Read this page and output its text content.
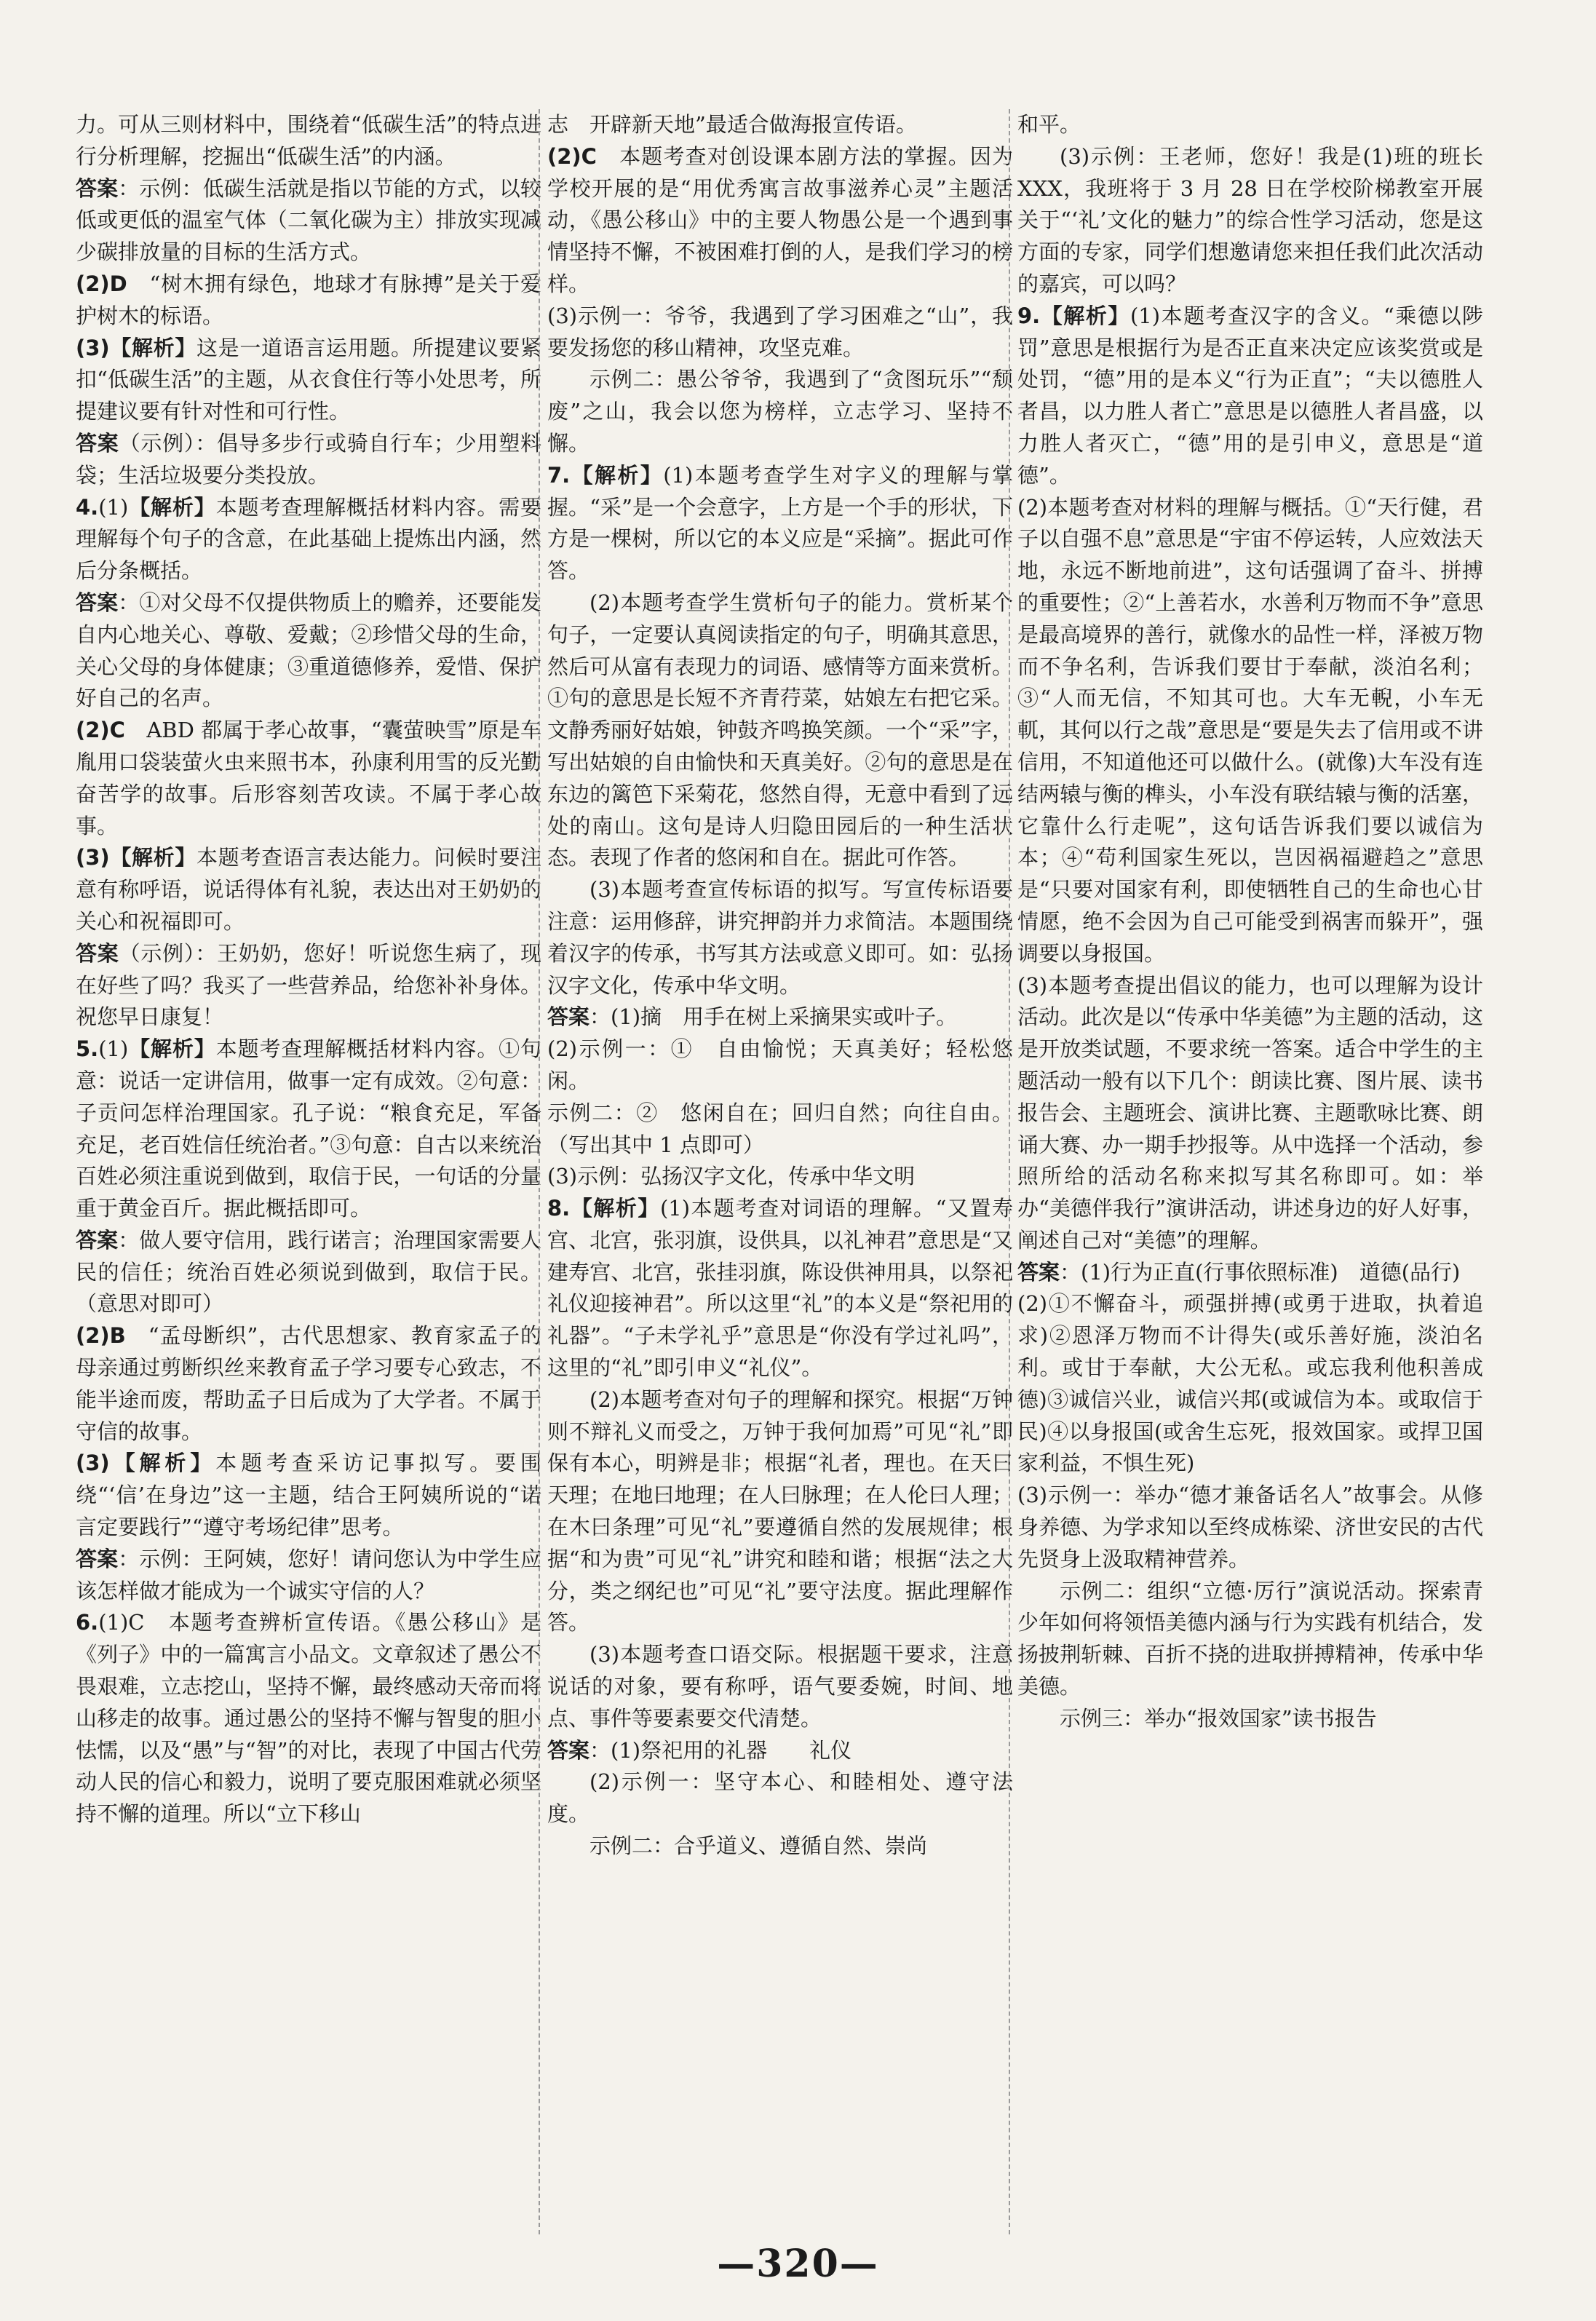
力。可从三则材料中，围绕着“低碳生活”的特点进行分析理解，挖掘出“低碳生活”的内涵。

答案：示例：低碳生活就是指以节能的方式，以较低或更低的温室气体（二氧化碳为主）排放实现减少碳排放量的目标的生活方式。

(2)D　“树木拥有绿色，地球才有脉搏”是关于爱护树木的标语。

(3)【解析】这是一道语言运用题。所提建议要紧扣“低碳生活”的主题，从衣食住行等小处思考，所提建议要有针对性和可行性。

答案（示例）：倡导多步行或骑自行车；少用塑料袋；生活垃圾要分类投放。

4.(1)【解析】本题考查理解概括材料内容。需要理解每个句子的含意，在此基础上提炼出内涵，然后分条概括。

答案：①对父母不仅提供物质上的赡养，还要能发自内心地关心、尊敬、爱戴；②珍惜父母的生命，关心父母的身体健康；③重道德修养，爱惜、保护好自己的名声。

(2)C　ABD 都属于孝心故事，“囊萤映雪”原是车胤用口袋装萤火虫来照书本，孙康利用雪的反光勤奋苦学的故事。后形容刻苦攻读。不属于孝心故事。

(3)【解析】本题考查语言表达能力。问候时要注意有称呼语，说话得体有礼貌，表达出对王奶奶的关心和祝福即可。

答案（示例）：王奶奶，您好！听说您生病了，现在好些了吗？我买了一些营养品，给您补补身体。祝您早日康复！

5.(1)【解析】本题考查理解概括材料内容。①句意：说话一定讲信用，做事一定有成效。②句意：子贡问怎样治理国家。孔子说：“粮食充足，军备充足，老百姓信任统治者。”③句意：自古以来统治百姓必须注重说到做到，取信于民，一句话的分量重于黄金百斤。据此概括即可。

答案：做人要守信用，践行诺言；治理国家需要人民的信任；统治百姓必须说到做到，取信于民。（意思对即可）

(2)B　“孟母断织”，古代思想家、教育家孟子的母亲通过剪断织丝来教育孟子学习要专心致志，不能半途而废，帮助孟子日后成为了大学者。不属于守信的故事。

(3)【解析】本题考查采访记事拟写。要围绕“‘信’在身边”这一主题，结合王阿姨所说的“诺言定要践行”“遵守考场纪律”思考。

答案：示例：王阿姨，您好！请问您认为中学生应该怎样做才能成为一个诚实守信的人？

6.(1)C　本题考查辨析宣传语。《愚公移山》是《列子》中的一篇寓言小品文。文章叙述了愚公不畏艰难，立志挖山，坚持不懈，最终感动天帝而将山移走的故事。通过愚公的坚持不懈与智叟的胆小怯懦，以及“愚”与“智”的对比，表现了中国古代劳动人民的信心和毅力，说明了要克服困难就必须坚持不懈的道理。所以“立下移山

志　开辟新天地”最适合做海报宣传语。

(2)C　本题考查对创设课本剧方法的掌握。因为学校开展的是“用优秀寓言故事滋养心灵”主题活动，《愚公移山》中的主要人物愚公是一个遇到事情坚持不懈，不被困难打倒的人，是我们学习的榜样。

(3)示例一：爷爷，我遇到了学习困难之“山”，我要发扬您的移山精神，攻坚克难。

示例二：愚公爷爷，我遇到了“贪图玩乐”“颓废”之山，我会以您为榜样，立志学习、坚持不懈。

7.【解析】(1)本题考查学生对字义的理解与掌握。“采”是一个会意字，上方是一个手的形状，下方是一棵树，所以它的本义应是“采摘”。据此可作答。

(2)本题考查学生赏析句子的能力。赏析某个句子，一定要认真阅读指定的句子，明确其意思，然后可从富有表现力的词语、感情等方面来赏析。①句的意思是长短不齐青荇菜，姑娘左右把它采。文静秀丽好姑娘，钟鼓齐鸣换笑颜。一个“采”字，写出姑娘的自由愉快和天真美好。②句的意思是在东边的篱笆下采菊花，悠然自得，无意中看到了远处的南山。这句是诗人归隐田园后的一种生活状态。表现了作者的悠闲和自在。据此可作答。

(3)本题考查宣传标语的拟写。写宣传标语要注意：运用修辞，讲究押韵并力求简洁。本题围绕着汉字的传承，书写其方法或意义即可。如：弘扬汉字文化，传承中华文明。

答案：(1)摘　用手在树上采摘果实或叶子。

(2)示例一：①　自由愉悦；天真美好；轻松悠闲。

示例二：②　悠闲自在；回归自然；向往自由。（写出其中 1 点即可）

(3)示例：弘扬汉字文化，传承中华文明

8.【解析】(1)本题考查对词语的理解。“又置寿宫、北宫，张羽旗，设供具，以礼神君”意思是“又建寿宫、北宫，张挂羽旗，陈设供神用具，以祭祀礼仪迎接神君”。所以这里“礼”的本义是“祭祀用的礼器”。“子未学礼乎”意思是“你没有学过礼吗”，这里的“礼”即引申义“礼仪”。

(2)本题考查对句子的理解和探究。根据“万钟则不辩礼义而受之，万钟于我何加焉”可见“礼”即保有本心，明辨是非；根据“礼者，理也。在天曰天理；在地曰地理；在人曰脉理；在人伦曰人理；在木曰条理”可见“礼”要遵循自然的发展规律；根据“和为贵”可见“礼”讲究和睦和谐；根据“法之大分，类之纲纪也”可见“礼”要守法度。据此理解作答。

(3)本题考查口语交际。根据题干要求，注意说话的对象，要有称呼，语气要委婉，时间、地点、事件等要素要交代清楚。

答案：(1)祭祀用的礼器　　礼仪

(2)示例一：坚守本心、和睦相处、遵守法度。

示例二：合乎道义、遵循自然、崇尚

和平。

(3)示例：王老师，您好！我是(1)班的班长XXX，我班将于 3 月 28 日在学校阶梯教室开展关于“‘礼’文化的魅力”的综合性学习活动，您是这方面的专家，同学们想邀请您来担任我们此次活动的嘉宾，可以吗？

9.【解析】(1)本题考查汉字的含义。“乘德以陟罚”意思是根据行为是否正直来决定应该奖赏或是处罚，“德”用的是本义“行为正直”；“夫以德胜人者昌，以力胜人者亡”意思是以德胜人者昌盛，以力胜人者灭亡，“德”用的是引申义，意思是“道德”。

(2)本题考查对材料的理解与概括。①“天行健，君子以自强不息”意思是“宇宙不停运转，人应效法天地，永远不断地前进”，这句话强调了奋斗、拼搏的重要性；②“上善若水，水善利万物而不争”意思是最高境界的善行，就像水的品性一样，泽被万物而不争名利，告诉我们要甘于奉献，淡泊名利；③“人而无信，不知其可也。大车无輗，小车无軏，其何以行之哉”意思是“要是失去了信用或不讲信用，不知道他还可以做什么。(就像)大车没有连结两辕与衡的榫头，小车没有联结辕与衡的活塞，它靠什么行走呢”，这句话告诉我们要以诚信为本；④“苟利国家生死以，岂因祸福避趋之”意思是“只要对国家有利，即使牺牲自己的生命也心甘情愿，绝不会因为自己可能受到祸害而躲开”，强调要以身报国。

(3)本题考查提出倡议的能力，也可以理解为设计活动。此次是以“传承中华美德”为主题的活动，这是开放类试题，不要求统一答案。适合中学生的主题活动一般有以下几个：朗读比赛、图片展、读书报告会、主题班会、演讲比赛、主题歌咏比赛、朗诵大赛、办一期手抄报等。从中选择一个活动，参照所给的活动名称来拟写其名称即可。如：举办“美德伴我行”演讲活动，讲述身边的好人好事，阐述自己对“美德”的理解。

答案：(1)行为正直(行事依照标准)　道德(品行)

(2)①不懈奋斗，顽强拼搏(或勇于进取，执着追求)②恩泽万物而不计得失(或乐善好施，淡泊名利。或甘于奉献，大公无私。或忘我利他积善成德)③诚信兴业，诚信兴邦(或诚信为本。或取信于民)④以身报国(或舍生忘死，报效国家。或捍卫国家利益，不惧生死)

(3)示例一：举办“德才兼备话名人”故事会。从修身养德、为学求知以至终成栋梁、济世安民的古代先贤身上汲取精神营养。

示例二：组织“立德·厉行”演说活动。探索青少年如何将领悟美德内涵与行为实践有机结合，发扬披荆斩棘、百折不挠的进取拼搏精神，传承中华美德。

示例三：举办“报效国家”读书报告

—320—
